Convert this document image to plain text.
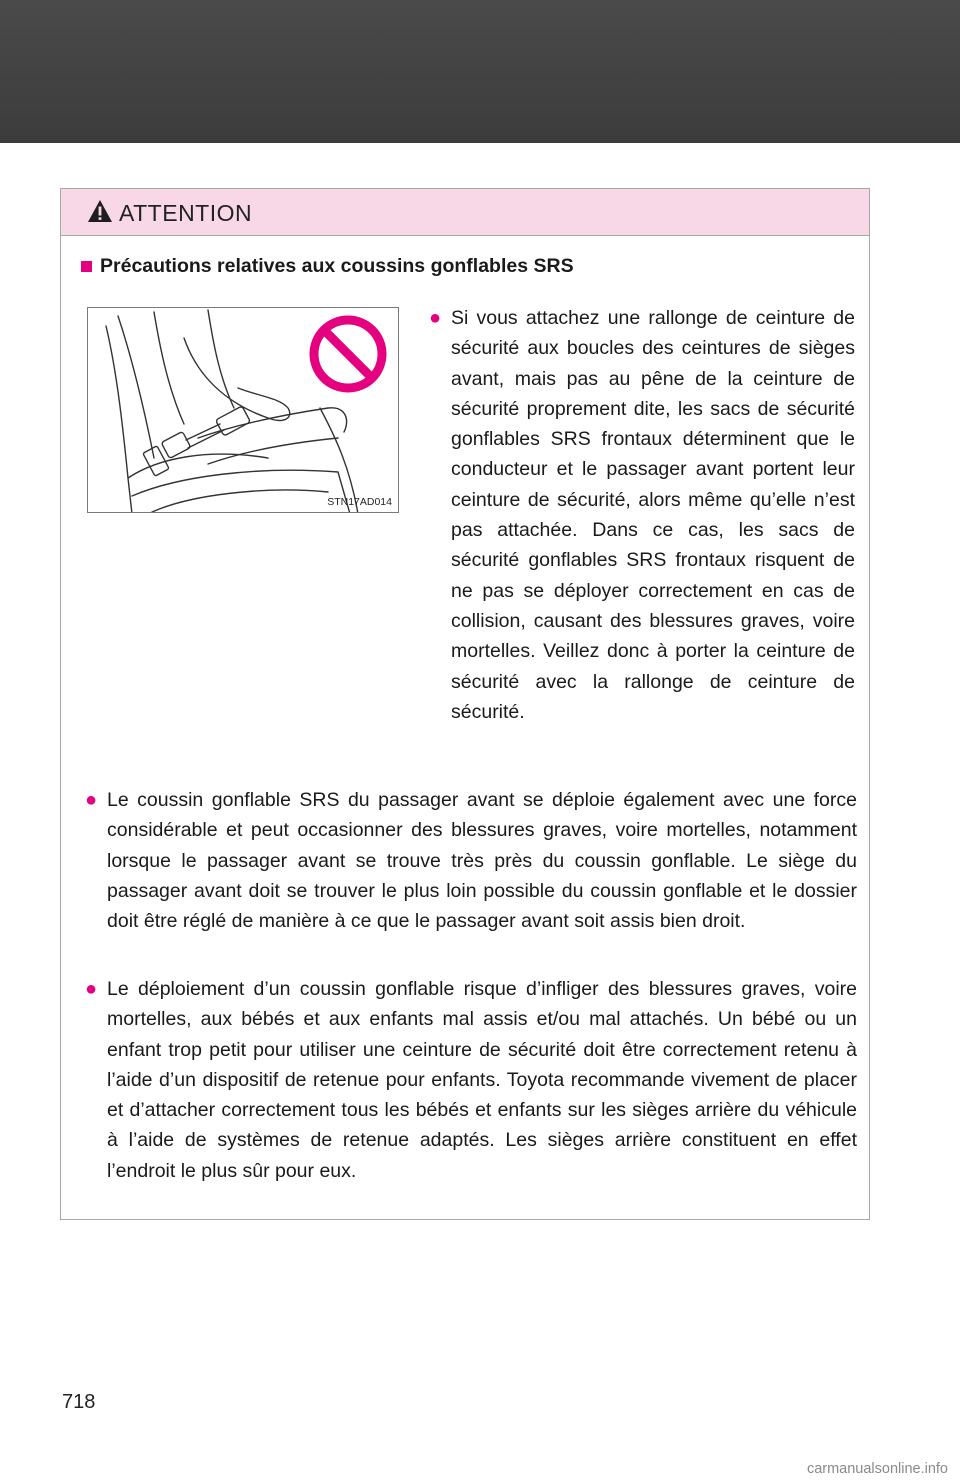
ATTENTION
Précautions relatives aux coussins gonflables SRS
STN17AD014
● Si vous attachez une rallonge de ceinture de sécurité aux boucles des ceintures de sièges avant, mais pas au pêne de la ceinture de sécurité proprement dite, les sacs de sécurité gonflables SRS frontaux déterminent que le conducteur et le passager avant portent leur ceinture de sécurité, alors même qu’elle n’est pas attachée. Dans ce cas, les sacs de sécurité gonflables SRS frontaux risquent de ne pas se déployer correctement en cas de collision, causant des blessures graves, voire mortelles. Veillez donc à porter la ceinture de sécurité avec la rallonge de ceinture de sécurité.
● Le coussin gonflable SRS du passager avant se déploie également avec une force considérable et peut occasionner des blessures graves, voire mortelles, notamment lorsque le passager avant se trouve très près du coussin gonflable. Le siège du passager avant doit se trouver le plus loin possible du coussin gonflable et le dossier doit être réglé de manière à ce que le passager avant soit assis bien droit.
● Le déploiement d’un coussin gonflable risque d’infliger des blessures graves, voire mortelles, aux bébés et aux enfants mal assis et/ou mal attachés. Un bébé ou un enfant trop petit pour utiliser une ceinture de sécurité doit être correctement retenu à l’aide d’un dispositif de retenue pour enfants. Toyota recommande vivement de placer et d’attacher correctement tous les bébés et enfants sur les sièges arrière du véhicule à l’aide de systèmes de retenue adaptés. Les sièges arrière constituent en effet l’endroit le plus sûr pour eux.
718
carmanualsonline.info
